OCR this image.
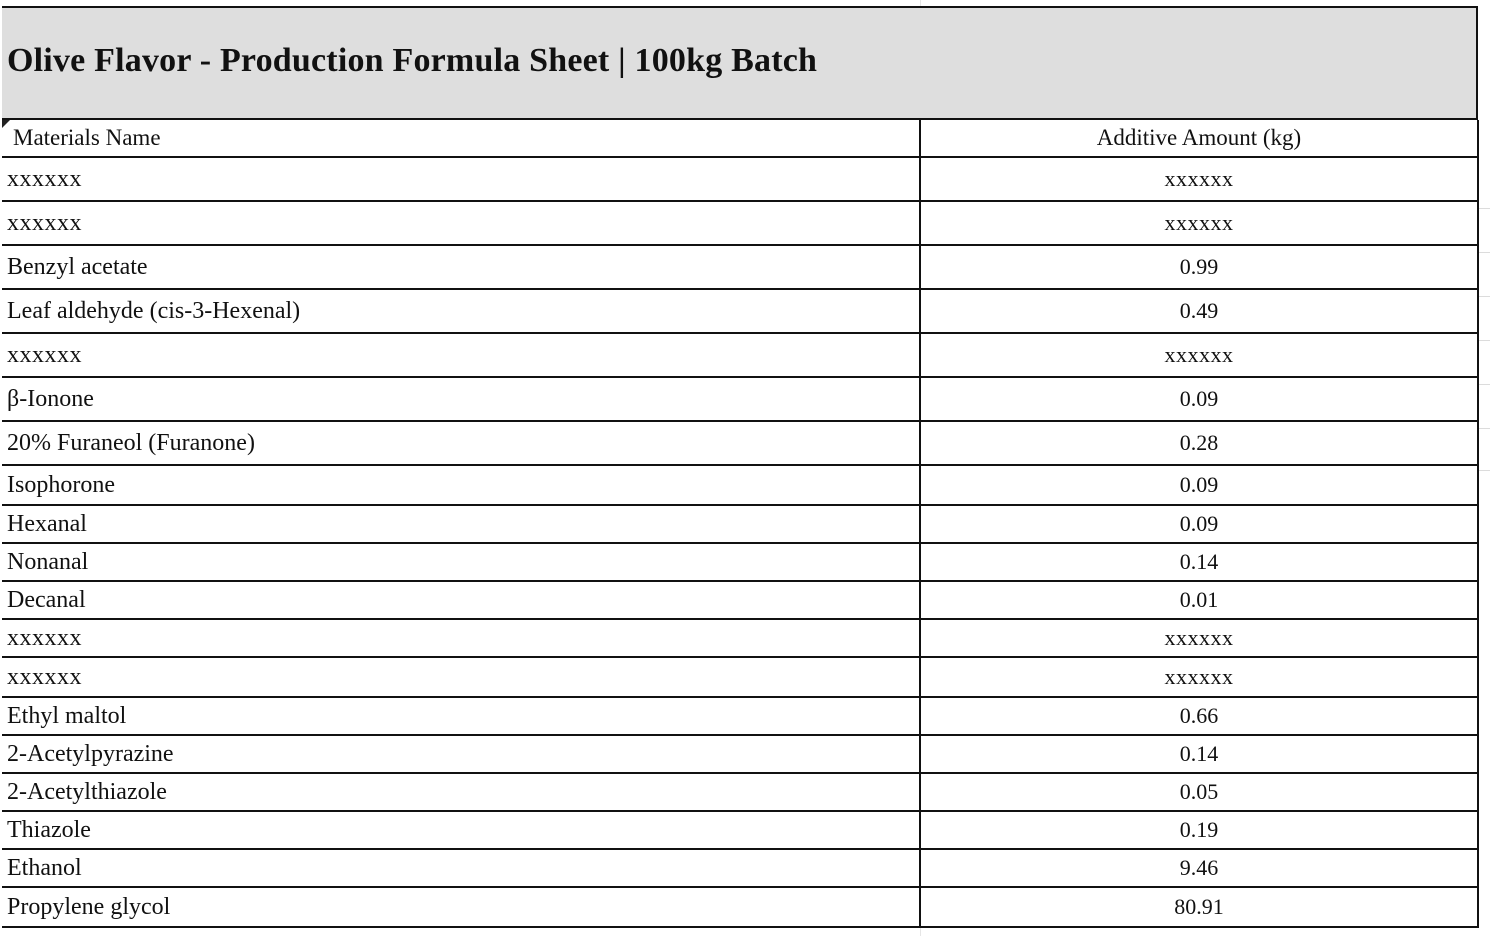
Olive Flavor - Production Formula Sheet | 100kg Batch
Materials Name	Additive Amount (kg)
xxxxxx	xxxxxx
xxxxxx	xxxxxx
Benzyl acetate	0.99
Leaf aldehyde (cis-3-Hexenal)	0.49
xxxxxx	xxxxxx
β-Ionone	0.09
20% Furaneol (Furanone)	0.28
Isophorone	0.09
Hexanal	0.09
Nonanal	0.14
Decanal	0.01
xxxxxx	xxxxxx
xxxxxx	xxxxxx
Ethyl maltol	0.66
2-Acetylpyrazine	0.14
2-Acetylthiazole	0.05
Thiazole	0.19
Ethanol	9.46
Propylene glycol	80.91
